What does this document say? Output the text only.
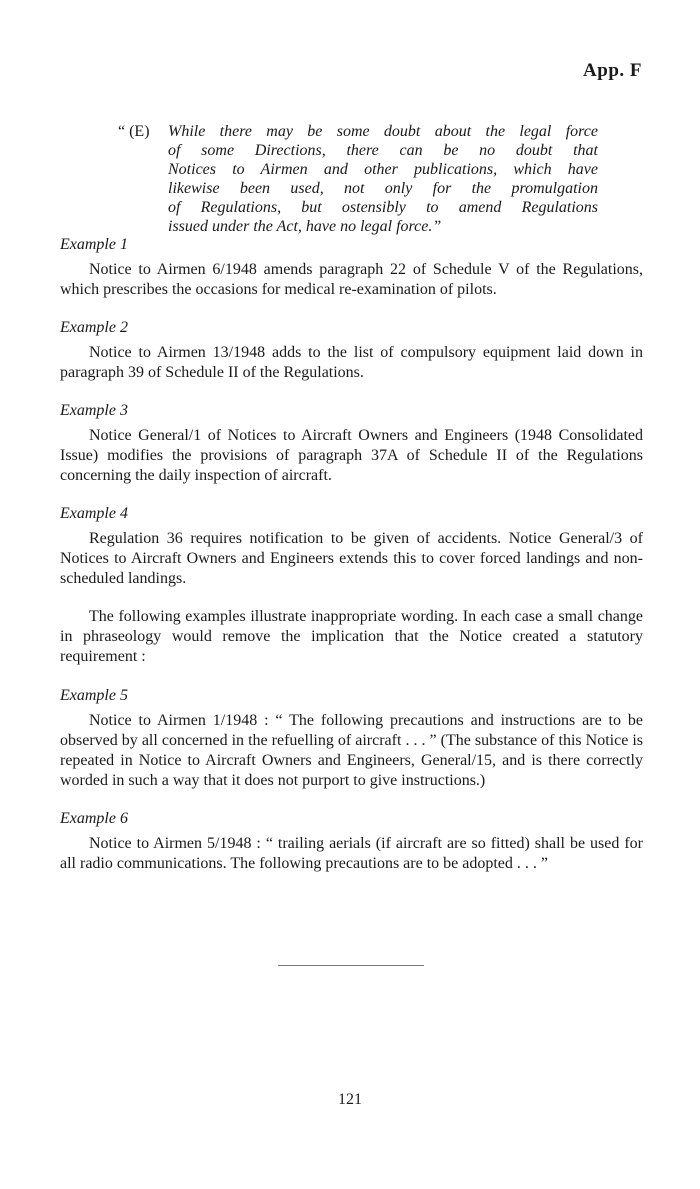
App. F
“ (E) While there may be some doubt about the legal force
of some Directions, there can be no doubt that
Notices to Airmen and other publications, which have
likewise been used, not only for the promulgation
of Regulations, but ostensibly to amend Regulations
issued under the Act, have no legal force.”
Example 1
Notice to Airmen 6/1948 amends paragraph 22 of Schedule V of the Regulations, which prescribes the occasions for medical re-examination of pilots.
Example 2
Notice to Airmen 13/1948 adds to the list of compulsory equipment laid down in paragraph 39 of Schedule II of the Regulations.
Example 3
Notice General/1 of Notices to Aircraft Owners and Engineers (1948 Consolidated Issue) modifies the provisions of paragraph 37A of Schedule II of the Regulations concerning the daily inspection of aircraft.
Example 4
Regulation 36 requires notification to be given of accidents. Notice General/3 of Notices to Aircraft Owners and Engineers extends this to cover forced landings and non-scheduled landings.
The following examples illustrate inappropriate wording. In each case a small change in phraseology would remove the implication that the Notice created a statutory requirement :
Example 5
Notice to Airmen 1/1948 : “ The following precautions and instructions are to be observed by all concerned in the refuelling of aircraft . . . ” (The substance of this Notice is repeated in Notice to Aircraft Owners and Engineers, General/15, and is there correctly worded in such a way that it does not purport to give instructions.)
Example 6
Notice to Airmen 5/1948 : “ trailing aerials (if aircraft are so fitted) shall be used for all radio communications. The following precautions are to be adopted . . . ”
121
